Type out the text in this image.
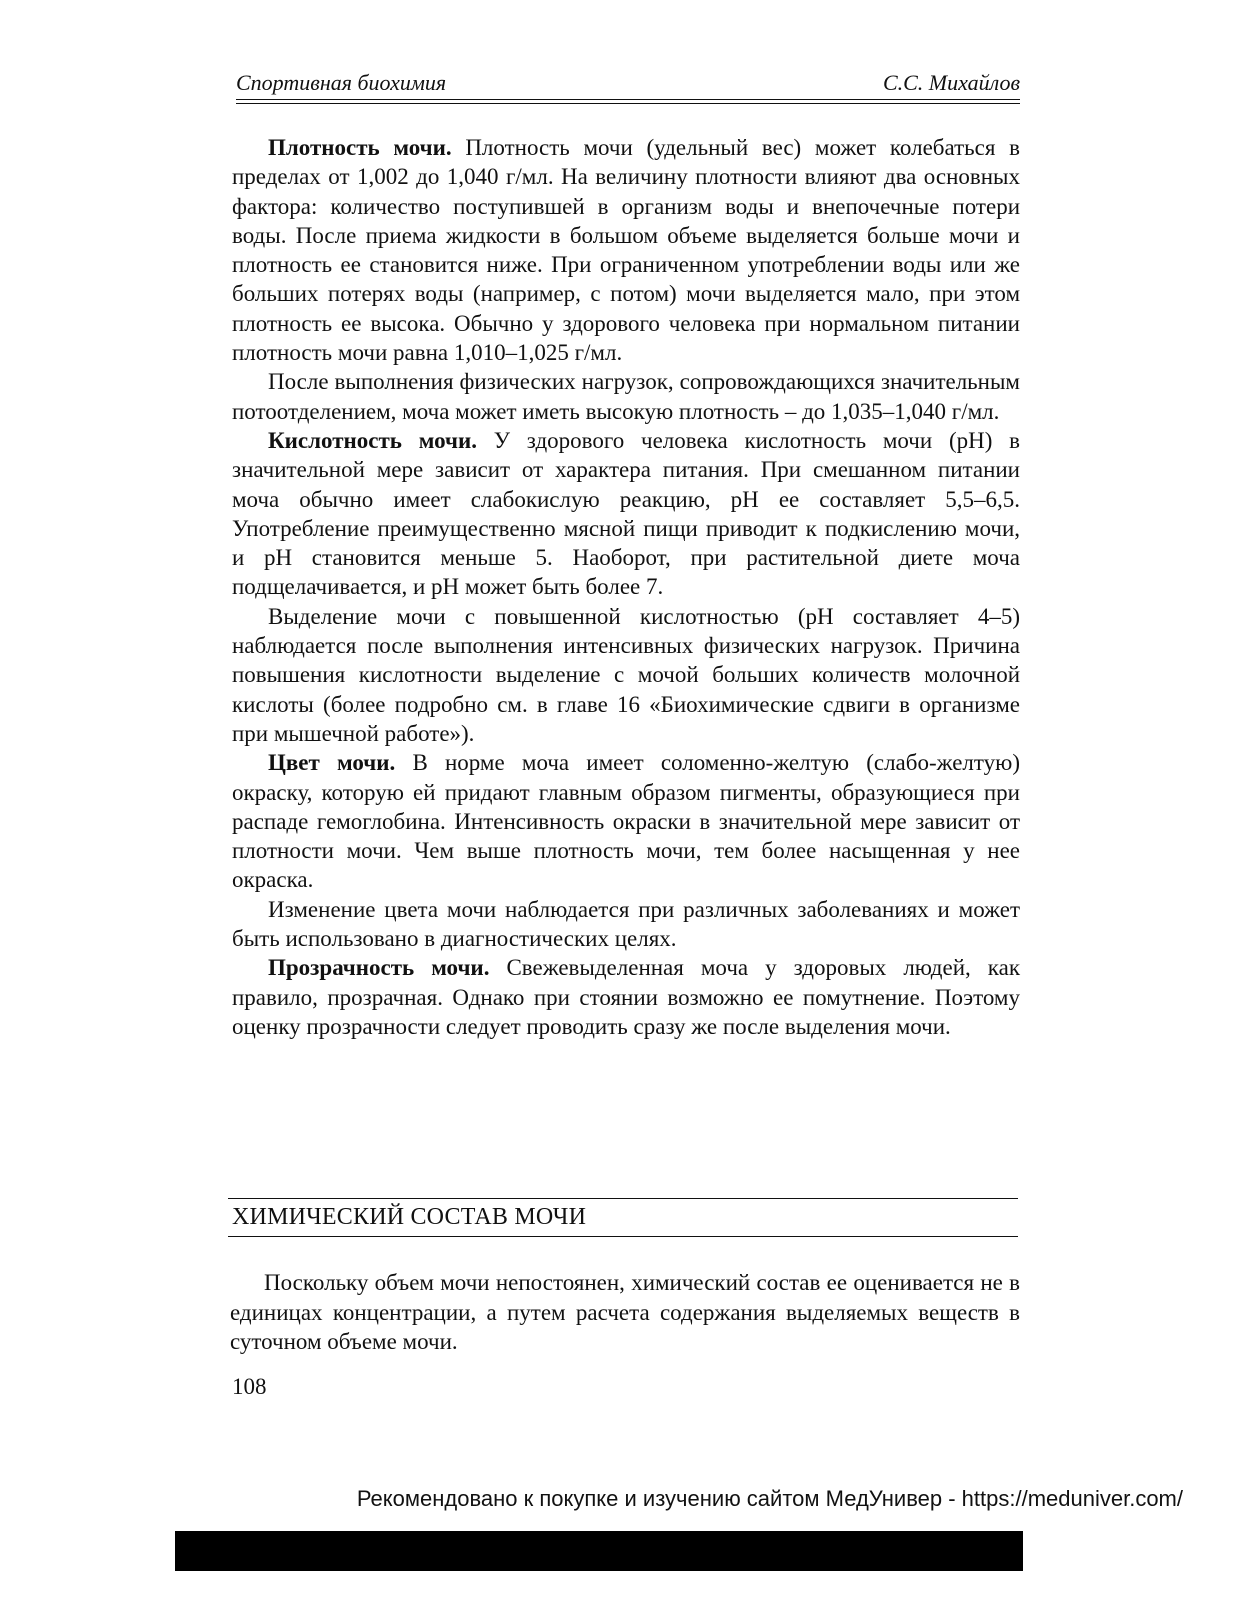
Спортивная биохимия	С.С. Михайлов

Плотность мочи. Плотность мочи (удельный вес) может колебаться в пределах от 1,002 до 1,040 г/мл. На величину плотности влияют два основных фактора: количество поступившей в организм воды и внепочечные потери воды. После приема жидкости в большом объеме выделяется больше мочи и плотность ее становится ниже. При ограниченном употреблении воды или же больших потерях воды (например, с потом) мочи выделяется мало, при этом плотность ее высока. Обычно у здорового человека при нормальном питании плотность мочи равна 1,010–1,025 г/мл.

После выполнения физических нагрузок, сопровождающихся значительным потоотделением, моча может иметь высокую плотность – до 1,035–1,040 г/мл.

Кислотность мочи. У здорового человека кислотность мочи (рН) в значительной мере зависит от характера питания. При смешанном питании моча обычно имеет слабокислую реакцию, рН ее составляет 5,5–6,5. Употребление преимущественно мясной пищи приводит к подкислению мочи, и рН становится меньше 5. Наоборот, при растительной диете моча подщелачивается, и рН может быть более 7.

Выделение мочи с повышенной кислотностью (рН составляет 4–5) наблюдается после выполнения интенсивных физических нагрузок. Причина повышения кислотности выделение с мочой больших количеств молочной кислоты (более подробно см. в главе 16 «Биохимические сдвиги в организме при мышечной работе»).

Цвет мочи. В норме моча имеет соломенно-желтую (слабо-желтую) окраску, которую ей придают главным образом пигменты, образующиеся при распаде гемоглобина. Интенсивность окраски в значительной мере зависит от плотности мочи. Чем выше плотность мочи, тем более насыщенная у нее окраска.

Изменение цвета мочи наблюдается при различных заболеваниях и может быть использовано в диагностических целях.

Прозрачность мочи. Свежевыделенная моча у здоровых людей, как правило, прозрачная. Однако при стоянии возможно ее помутнение. Поэтому оценку прозрачности следует проводить сразу же после выделения мочи.

ХИМИЧЕСКИЙ СОСТАВ МОЧИ

Поскольку объем мочи непостоянен, химический состав ее оценивается не в единицах концентрации, а путем расчета содержания выделяемых веществ в суточном объеме мочи.

108
Рекомендовано к покупке и изучению сайтом МедУнивер - https://meduniver.com/
